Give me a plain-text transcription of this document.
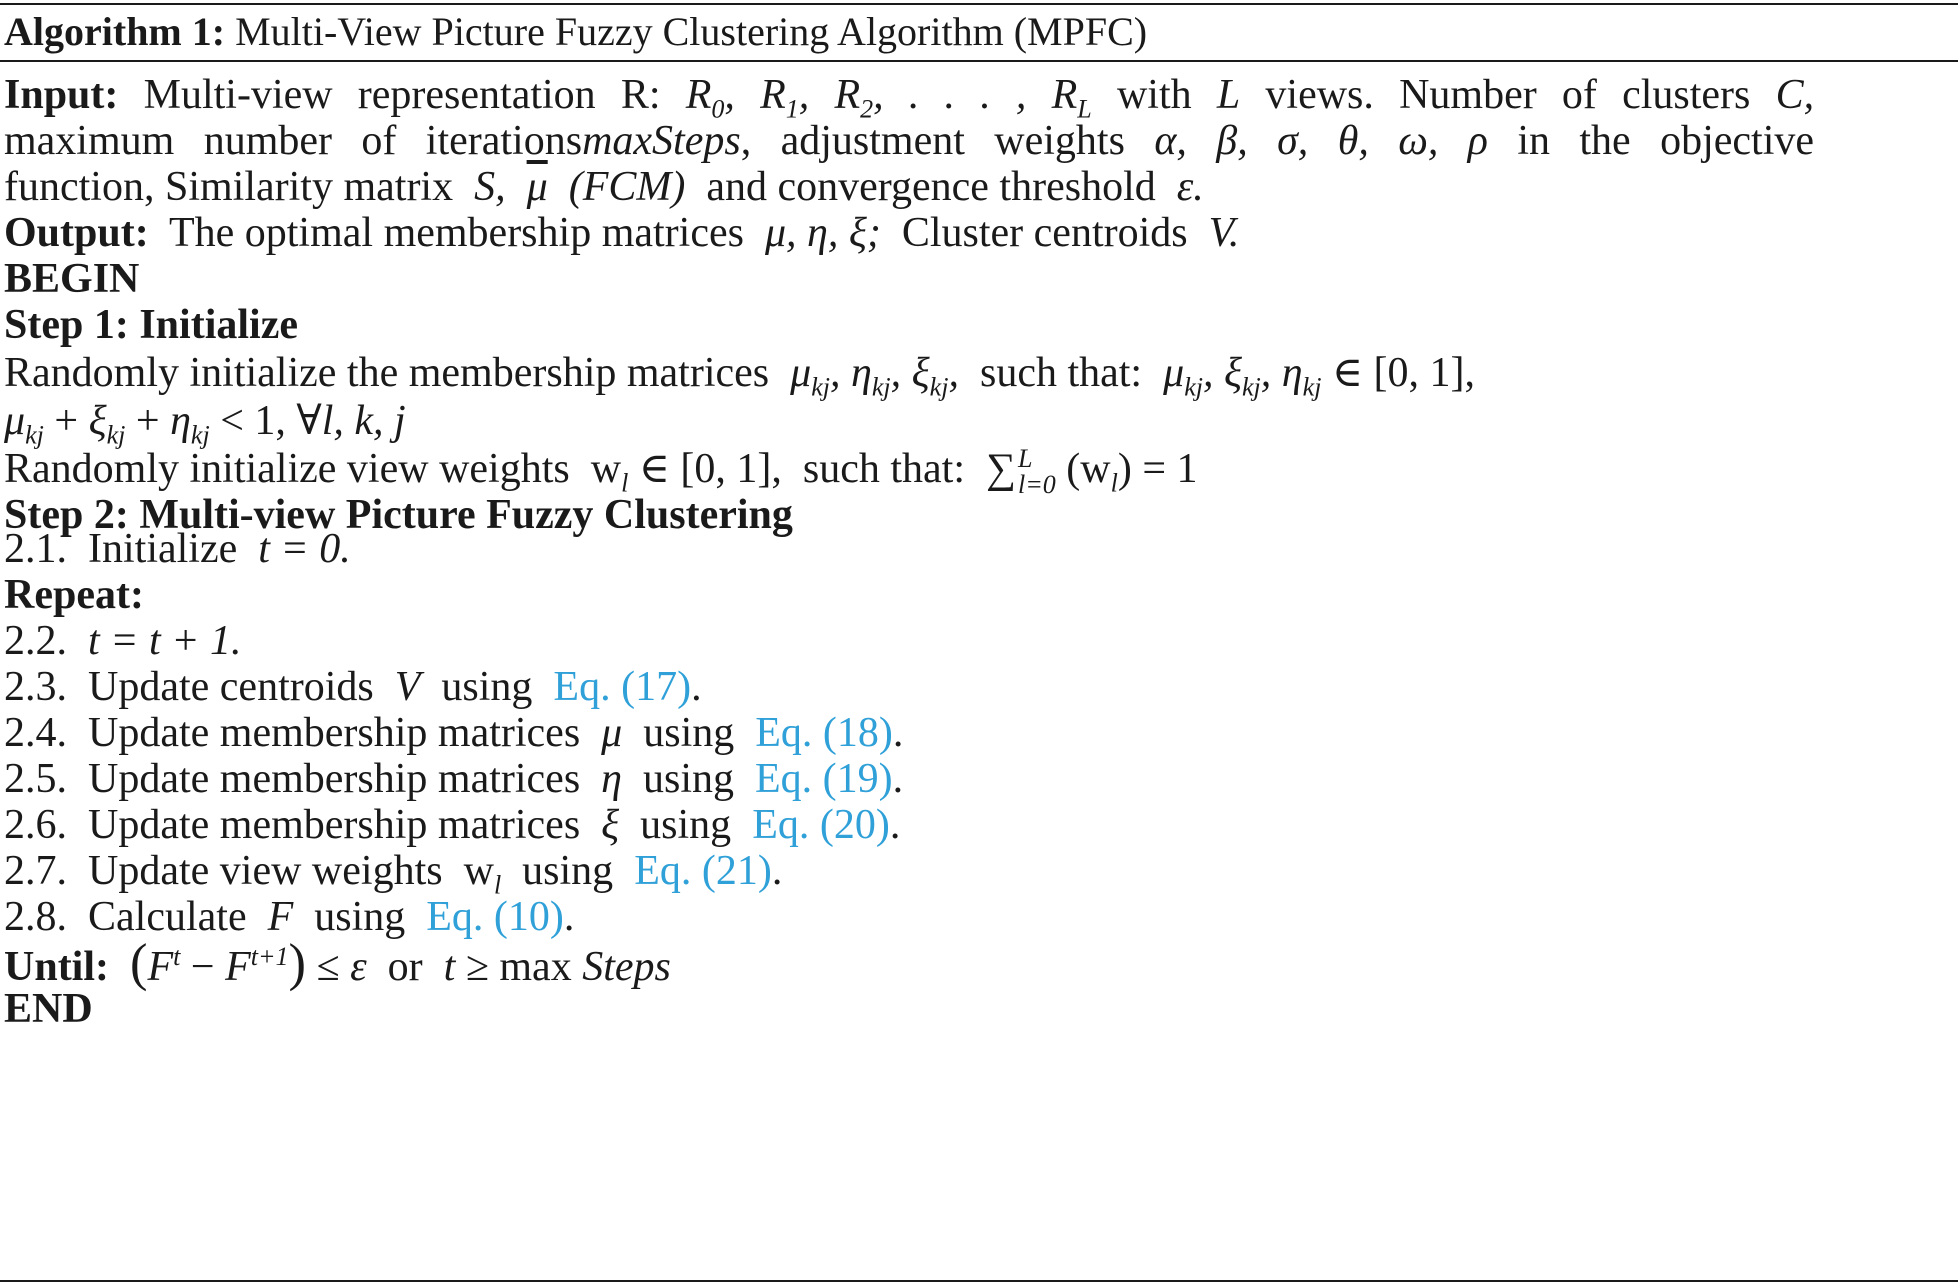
Algorithm 1: Multi-View Picture Fuzzy Clustering Algorithm (MPFC)
Input: Multi-view representation R: $R_0$, $R_1$, $R_2$, . . . , $R_L$ with L views. Number of clusters C,
maximum number of iterationsmaxSteps, adjustment weights α, β, σ, θ, ω, ρ in the objective
function, Similarity matrix S, $\overline{\mu}$ (FCM) and convergence threshold ε.
Output: The optimal membership matrices μ, η, ξ; Cluster centroids V.
BEGIN
Step 1: Initialize
Randomly initialize the membership matrices $\mu_{kj}$, $\eta_{kj}$, $\xi_{kj}$, such that: $\mu_{kj}$, $\xi_{kj}$, $\eta_{kj}$ ∈ [0, 1],
$\mu_{kj} + \xi_{kj} + \eta_{kj} < 1$, ∀l, k, j
Randomly initialize view weights $w_l$ ∈ [0, 1], such that: ∑ L
l=0 $(w_l) = 1$
Step 2: Multi-view Picture Fuzzy Clustering
2.1. Initialize t = 0.
Repeat:
2.2. t = t + 1.
2.3. Update centroids V using Eq. (17).
2.4. Update membership matrices μ using Eq. (18).
2.5. Update membership matrices η using Eq. (19).
2.6. Update membership matrices ξ using Eq. (20).
2.7. Update view weights $w_l$ using Eq. (21).
2.8. Calculate F using Eq. (10).
Until: $(F^t - F^{t+1}) \le \varepsilon$ or t ≥ max Steps
END
